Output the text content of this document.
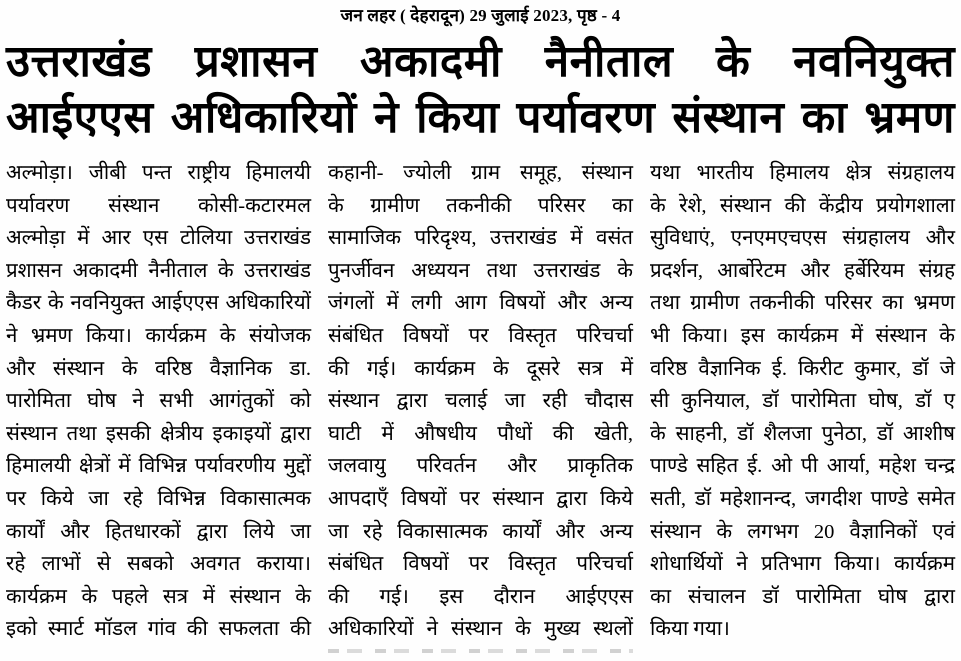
जन लहर ( देहरादून) 29 जुलाई 2023, पृष्ठ - 4
उत्तराखंड प्रशासन अकादमी नैनीताल के नवनियुक्त
आईएएस अधिकारियों ने किया पर्यावरण संस्थान का भ्रमण
अल्मोड़ा। जीबी पन्त राष्ट्रीय हिमालयी
पर्यावरण संस्थान कोसी-कटारमल
अल्मोड़ा में आर एस टोलिया उत्तराखंड
प्रशासन अकादमी नैनीताल के उत्तराखंड
कैडर के नवनियुक्त आईएएस अधिकारियों
ने भ्रमण किया। कार्यक्रम के संयोजक
और संस्थान के वरिष्ठ वैज्ञानिक डा.
पारोमिता घोष ने सभी आगंतुकों को
संस्थान तथा इसकी क्षेत्रीय इकाइयों द्वारा
हिमालयी क्षेत्रों में विभिन्न पर्यावरणीय मुद्दों
पर किये जा रहे विभिन्न विकासात्मक
कार्यों और हितधारकों द्वारा लिये जा
रहे लाभों से सबको अवगत कराया।
कार्यक्रम के पहले सत्र में संस्थान के
इको स्मार्ट मॉडल गांव की सफलता की
कहानी- ज्योली ग्राम समूह, संस्थान
के ग्रामीण तकनीकी परिसर का
सामाजिक परिदृश्य, उत्तराखंड में वसंत
पुनर्जीवन अध्ययन तथा उत्तराखंड के
जंगलों में लगी आग विषयों और अन्य
संबंधित विषयों पर विस्तृत परिचर्चा
की गई। कार्यक्रम के दूसरे सत्र में
संस्थान द्वारा चलाई जा रही चौदास
घाटी में औषधीय पौधों की खेती,
जलवायु परिवर्तन और प्राकृतिक
आपदाएँ विषयों पर संस्थान द्वारा किये
जा रहे विकासात्मक कार्यों और अन्य
संबंधित विषयों पर विस्तृत परिचर्चा
की गई। इस दौरान आईएएस
अधिकारियों ने संस्थान के मुख्य स्थलों
यथा भारतीय हिमालय क्षेत्र संग्रहालय
के रेशे, संस्थान की केंद्रीय प्रयोगशाला
सुविधाएं, एनएमएचएस संग्रहालय और
प्रदर्शन, आर्बोरेटम और हर्बेरियम संग्रह
तथा ग्रामीण तकनीकी परिसर का भ्रमण
भी किया। इस कार्यक्रम में संस्थान के
वरिष्ठ वैज्ञानिक ई. किरीट कुमार, डॉ जे
सी कुनियाल, डॉ पारोमिता घोष, डॉ ए
के साहनी, डॉ शैलजा पुनेठा, डॉ आशीष
पाण्डे सहित ई. ओ पी आर्या, महेश चन्द्र
सती, डॉ महेशानन्द, जगदीश पाण्डे समेत
संस्थान के लगभग 20 वैज्ञानिकों एवं
शोधार्थियों ने प्रतिभाग किया। कार्यक्रम
का संचालन डॉ पारोमिता घोष द्वारा
किया गया।
